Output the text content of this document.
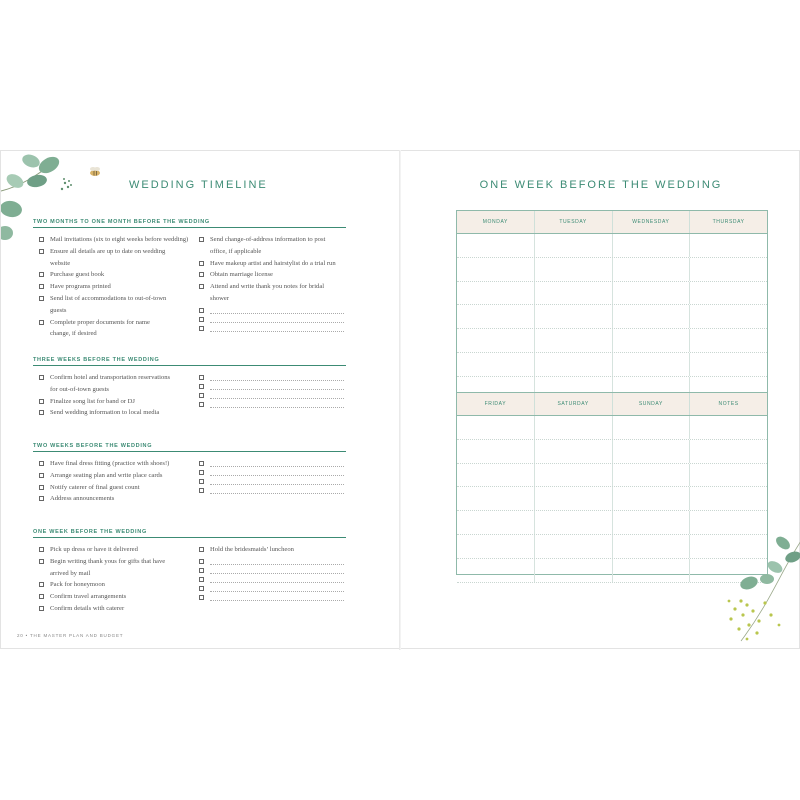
WEDDING TIMELINE
TWO MONTHS TO ONE MONTH BEFORE THE WEDDING
Mail invitations (six to eight weeks before wedding)
Ensure all details are up to date on wedding
website
Purchase guest book
Have programs printed
Send list of accommodations to out-of-town
guests
Complete proper documents for name
change, if desired
Send change-of-address information to post
office, if applicable
Have makeup artist and hairstylist do a trial run
Obtain marriage license
Attend and write thank you notes for bridal
shower
THREE WEEKS BEFORE THE WEDDING
Confirm hotel and transportation reservations
for out-of-town guests
Finalize song list for band or DJ
Send wedding information to local media
TWO WEEKS BEFORE THE WEDDING
Have final dress fitting (practice with shoes!)
Arrange seating plan and write place cards
Notify caterer of final guest count
Address announcements
ONE WEEK BEFORE THE WEDDING
Pick up dress or have it delivered
Begin writing thank yous for gifts that have
arrived by mail
Pack for honeymoon
Confirm travel arrangements
Confirm details with caterer
Hold the bridesmaids’ luncheon
20 • THE MASTER PLAN AND BUDGET
ONE WEEK BEFORE THE WEDDING
MONDAY	TUESDAY	WEDNESDAY	THURSDAY
FRIDAY	SATURDAY	SUNDAY	NOTES
